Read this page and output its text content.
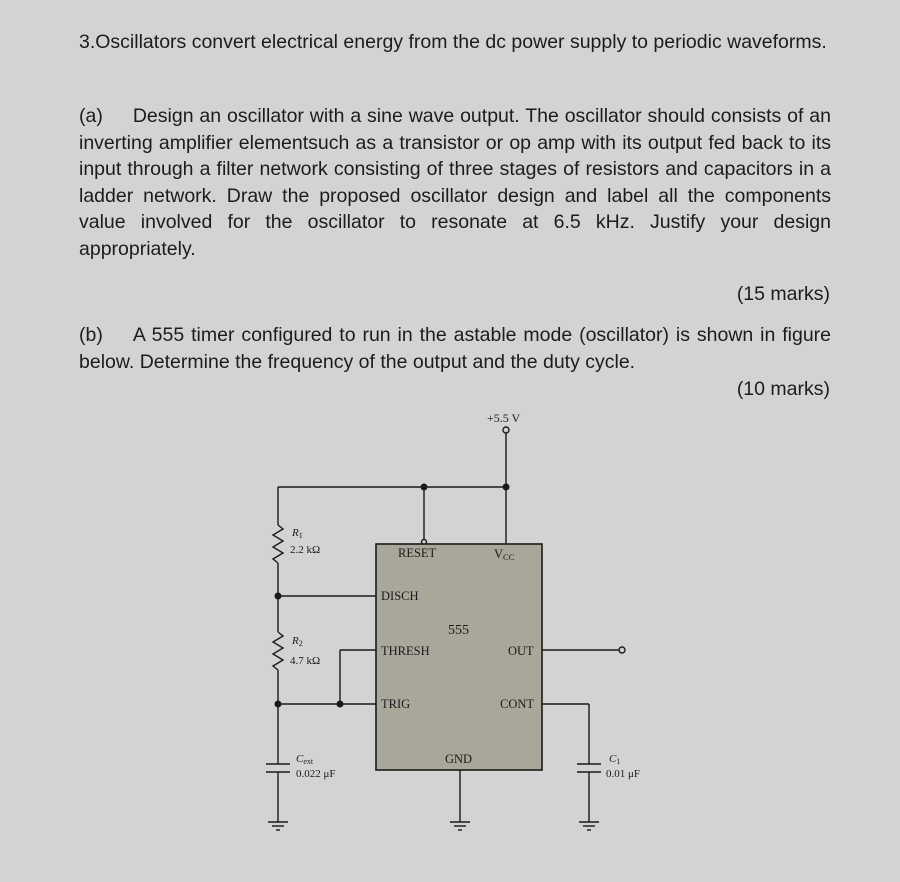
3.Oscillators convert electrical energy from the dc power supply to periodic waveforms.
(a) Design an oscillator with a sine wave output. The oscillator should consists of an inverting amplifier elementsuch as a transistor or op amp with its output fed back to its input through a filter network consisting of three stages of resistors and capacitors in a ladder network. Draw the proposed oscillator design and label all the components value involved for the oscillator to resonate at 6.5 kHz. Justify your design appropriately.
(15 marks)
(b) A 555 timer configured to run in the astable mode (oscillator) is shown in figure below. Determine the frequency of the output and the duty cycle.
(10 marks)
+5.5 V
555
RESET	VCC
DISCH
THRESH
TRIG
OUT
CONT
GND
R1
2.2 kΩ
R2
4.7 kΩ
Cext
0.022 μF
C1
0.01 μF
